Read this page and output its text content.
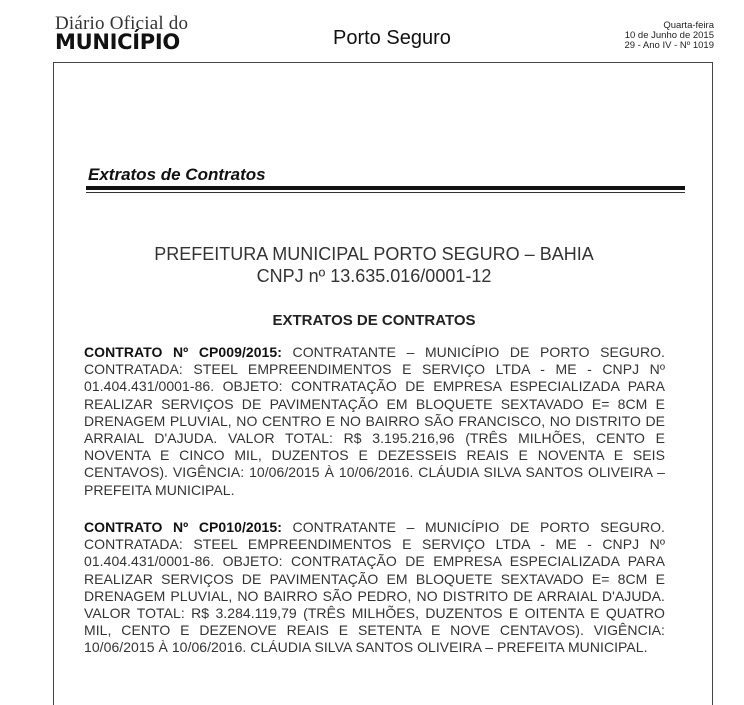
Diário Oficial do
MUNICÍPIO	Porto Seguro
Quarta-feira
10 de Junho de 2015
29 - Ano IV - Nº 1019
Extratos de Contratos
PREFEITURA MUNICIPAL PORTO SEGURO – BAHIA
CNPJ nº 13.635.016/0001-12
EXTRATOS DE CONTRATOS
CONTRATO Nº CP009/2015: CONTRATANTE – MUNICÍPIO DE PORTO SEGURO. CONTRATADA: STEEL EMPREENDIMENTOS E SERVIÇO LTDA - ME - CNPJ Nº 01.404.431/0001-86. OBJETO: CONTRATAÇÃO DE EMPRESA ESPECIALIZADA PARA REALIZAR SERVIÇOS DE PAVIMENTAÇÃO EM BLOQUETE SEXTAVADO E= 8CM E DRENAGEM PLUVIAL, NO CENTRO E NO BAIRRO SÃO FRANCISCO, NO DISTRITO DE ARRAIAL D'AJUDA. VALOR TOTAL: R$ 3.195.216,96 (TRÊS MILHÕES, CENTO E NOVENTA E CINCO MIL, DUZENTOS E DEZESSEIS REAIS E NOVENTA E SEIS CENTAVOS). VIGÊNCIA: 10/06/2015 À 10/06/2016. CLÁUDIA SILVA SANTOS OLIVEIRA – PREFEITA MUNICIPAL.
CONTRATO Nº CP010/2015: CONTRATANTE – MUNICÍPIO DE PORTO SEGURO. CONTRATADA: STEEL EMPREENDIMENTOS E SERVIÇO LTDA - ME - CNPJ Nº 01.404.431/0001-86. OBJETO: CONTRATAÇÃO DE EMPRESA ESPECIALIZADA PARA REALIZAR SERVIÇOS DE PAVIMENTAÇÃO EM BLOQUETE SEXTAVADO E= 8CM E DRENAGEM PLUVIAL, NO BAIRRO SÃO PEDRO, NO DISTRITO DE ARRAIAL D'AJUDA. VALOR TOTAL: R$ 3.284.119,79 (TRÊS MILHÕES, DUZENTOS E OITENTA E QUATRO MIL, CENTO E DEZENOVE REAIS E SETENTA E NOVE CENTAVOS). VIGÊNCIA: 10/06/2015 À 10/06/2016. CLÁUDIA SILVA SANTOS OLIVEIRA – PREFEITA MUNICIPAL.
